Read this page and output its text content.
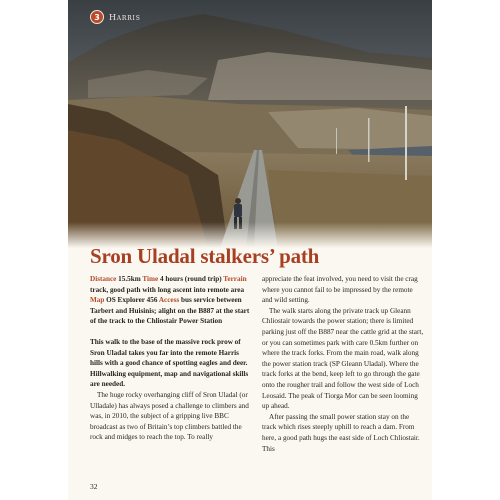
3	Harris
Sron Uladal stalkers’ path

Distance 15.5km Time 4 hours (round trip) Terrain track, good path with long ascent into remote area Map OS Explorer 456 Access bus service between Tarbert and Huisinis; alight on the B887 at the start of the track to the Chliostair Power Station

This walk to the base of the massive rock prow of Sron Uladal takes you far into the remote Harris hills with a good chance of spotting eagles and deer. Hillwalking equipment, map and navigational skills are needed.

The huge rocky overhanging cliff of Sron Uladal (or Ulladale) has always posed a challenge to climbers and was, in 2010, the subject of a gripping live BBC broadcast as two of Britain’s top climbers battled the rock and midges to reach the top. To really

appreciate the feat involved, you need to visit the crag where you cannot fail to be impressed by the remote and wild setting.

The walk starts along the private track up Gleann Chliostair towards the power station; there is limited parking just off the B887 near the cattle grid at the start, or you can sometimes park with care 0.5km further on where the track forks. From the main road, walk along the power station track (SP Gleann Uladal). Where the track forks at the bend, keep left to go through the gate onto the rougher trail and follow the west side of Loch Leosaid. The peak of Tiorga Mor can be seen looming up ahead.

After passing the small power station stay on the track which rises steeply uphill to reach a dam. From here, a good path hugs the east side of Loch Chliostair. This

32
